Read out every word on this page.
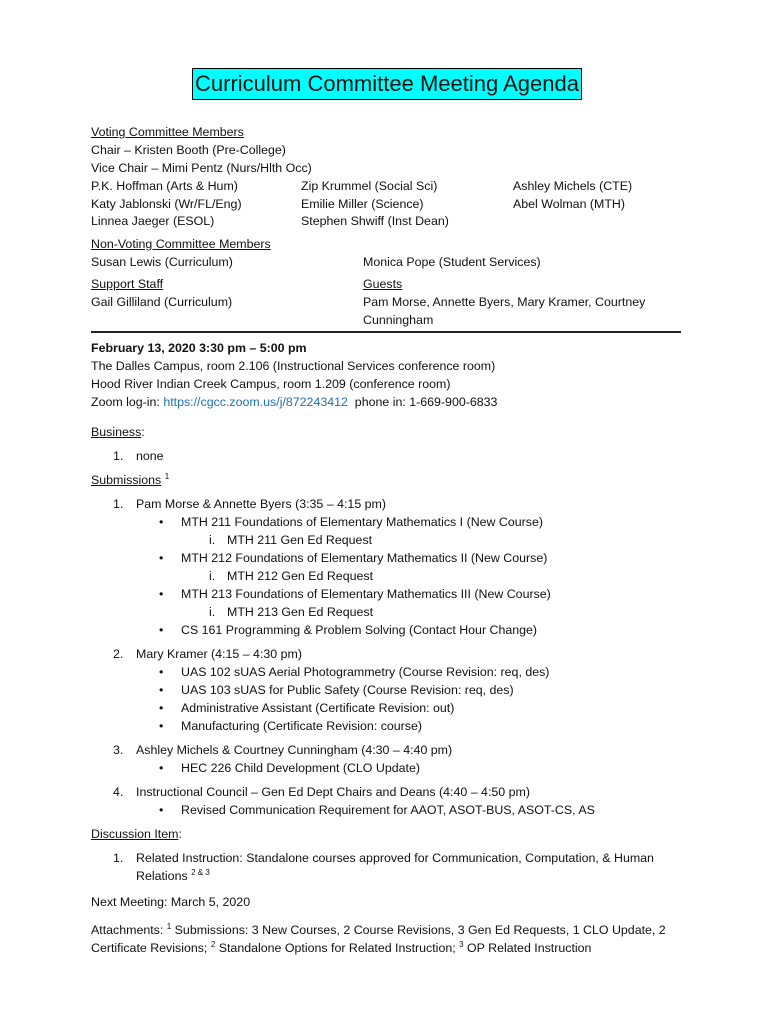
Curriculum Committee Meeting Agenda
Voting Committee Members
Chair – Kristen Booth (Pre-College)
Vice Chair – Mimi Pentz (Nurs/Hlth Occ)
P.K. Hoffman (Arts & Hum)	Zip Krummel (Social Sci)	Ashley Michels (CTE)
Katy Jablonski (Wr/FL/Eng)	Emilie Miller (Science)	Abel Wolman (MTH)
Linnea Jaeger (ESOL)	Stephen Shwiff (Inst Dean)
Non-Voting Committee Members
Susan Lewis (Curriculum)	Monica Pope (Student Services)
Support Staff
Gail Gilliland (Curriculum)
Guests
Pam Morse, Annette Byers, Mary Kramer, Courtney Cunningham
February 13, 2020 3:30 pm – 5:00 pm
The Dalles Campus, room 2.106 (Instructional Services conference room)
Hood River Indian Creek Campus, room 1.209 (conference room)
Zoom log-in: https://cgcc.zoom.us/j/872243412  phone in: 1-669-900-6833
Business:
1. none
Submissions $^1$
1. Pam Morse & Annette Byers (3:35 – 4:15 pm)
• MTH 211 Foundations of Elementary Mathematics I (New Course)
i. MTH 211 Gen Ed Request
• MTH 212 Foundations of Elementary Mathematics II (New Course)
i. MTH 212 Gen Ed Request
• MTH 213 Foundations of Elementary Mathematics III (New Course)
i. MTH 213 Gen Ed Request
• CS 161 Programming & Problem Solving (Contact Hour Change)
2. Mary Kramer (4:15 – 4:30 pm)
• UAS 102 sUAS Aerial Photogrammetry (Course Revision: req, des)
• UAS 103 sUAS for Public Safety (Course Revision: req, des)
• Administrative Assistant (Certificate Revision: out)
• Manufacturing (Certificate Revision: course)
3. Ashley Michels & Courtney Cunningham (4:30 – 4:40 pm)
• HEC 226 Child Development (CLO Update)
4. Instructional Council – Gen Ed Dept Chairs and Deans (4:40 – 4:50 pm)
• Revised Communication Requirement for AAOT, ASOT-BUS, ASOT-CS, AS
Discussion Item:
1. Related Instruction: Standalone courses approved for Communication, Computation, & Human Relations $^{2 \& 3}$
Next Meeting: March 5, 2020
Attachments: $^1$ Submissions: 3 New Courses, 2 Course Revisions, 3 Gen Ed Requests, 1 CLO Update, 2 Certificate Revisions; $^2$ Standalone Options for Related Instruction; $^3$ OP Related Instruction
